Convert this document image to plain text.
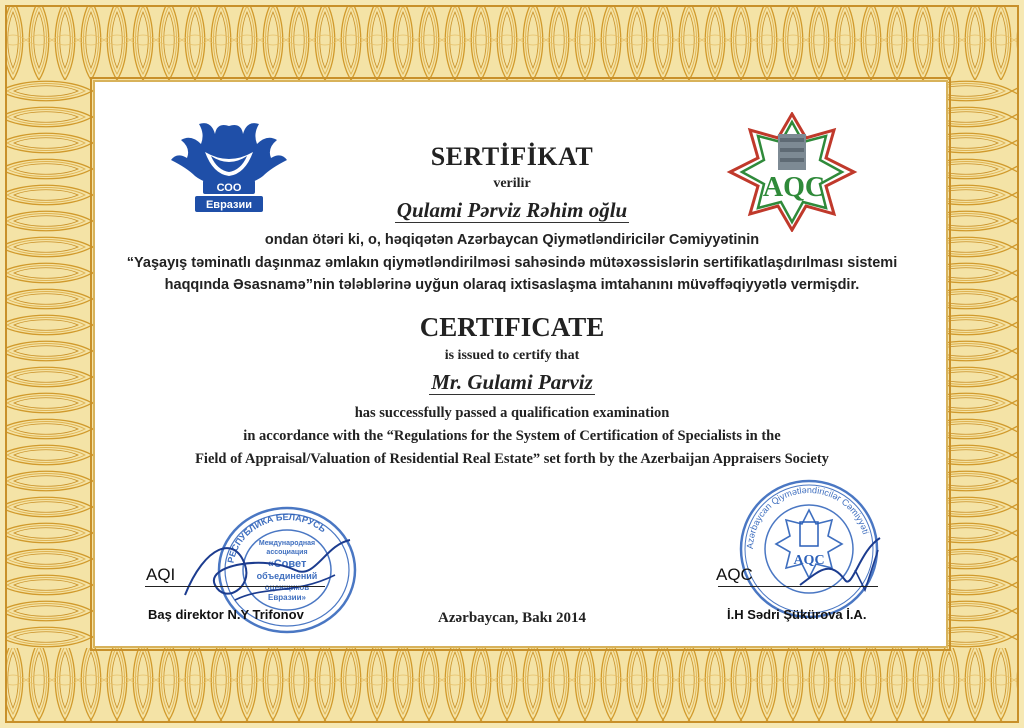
СОО
Евразии
AQC
SERTİFİKAT
verilir
Qulami Pərviz Rəhim oğlu
ondan ötəri ki, o, həqiqətən Azərbaycan Qiymətləndiricilər Cəmiyyətinin
“Yaşayış təminatlı daşınmaz əmlakın qiymətləndirilməsi sahəsində mütəxəssislərin sertifikatlaşdırılması sistemi
haqqında Əsasnamə”nin tələblərinə uyğun olaraq ixtisaslaşma imtahanını müvəffəqiyyətlə vermişdir.
CERTIFICATE
is issued to certify that
Mr. Gulami Parviz
has successfully passed a qualification examination
in accordance with the “Regulations for the System of Certification of Specialists in the
Field of Appraisal/Valuation of Residential Real Estate” set forth by the Azerbaijan Appraisers Society
РЕСПУБЛИКА БЕЛАРУСЬ
Международная
ассоциация
«Совет
объединений
оценщиков
Евразии»
AQI
Baş direktor N.Y Trifonov	Azərbaycan, Bakı 2014
Azərbaycan Qiymətləndiricilər Cəmiyyəti
AQC
AQC
İ.H Sədri Şükürova İ.A.
